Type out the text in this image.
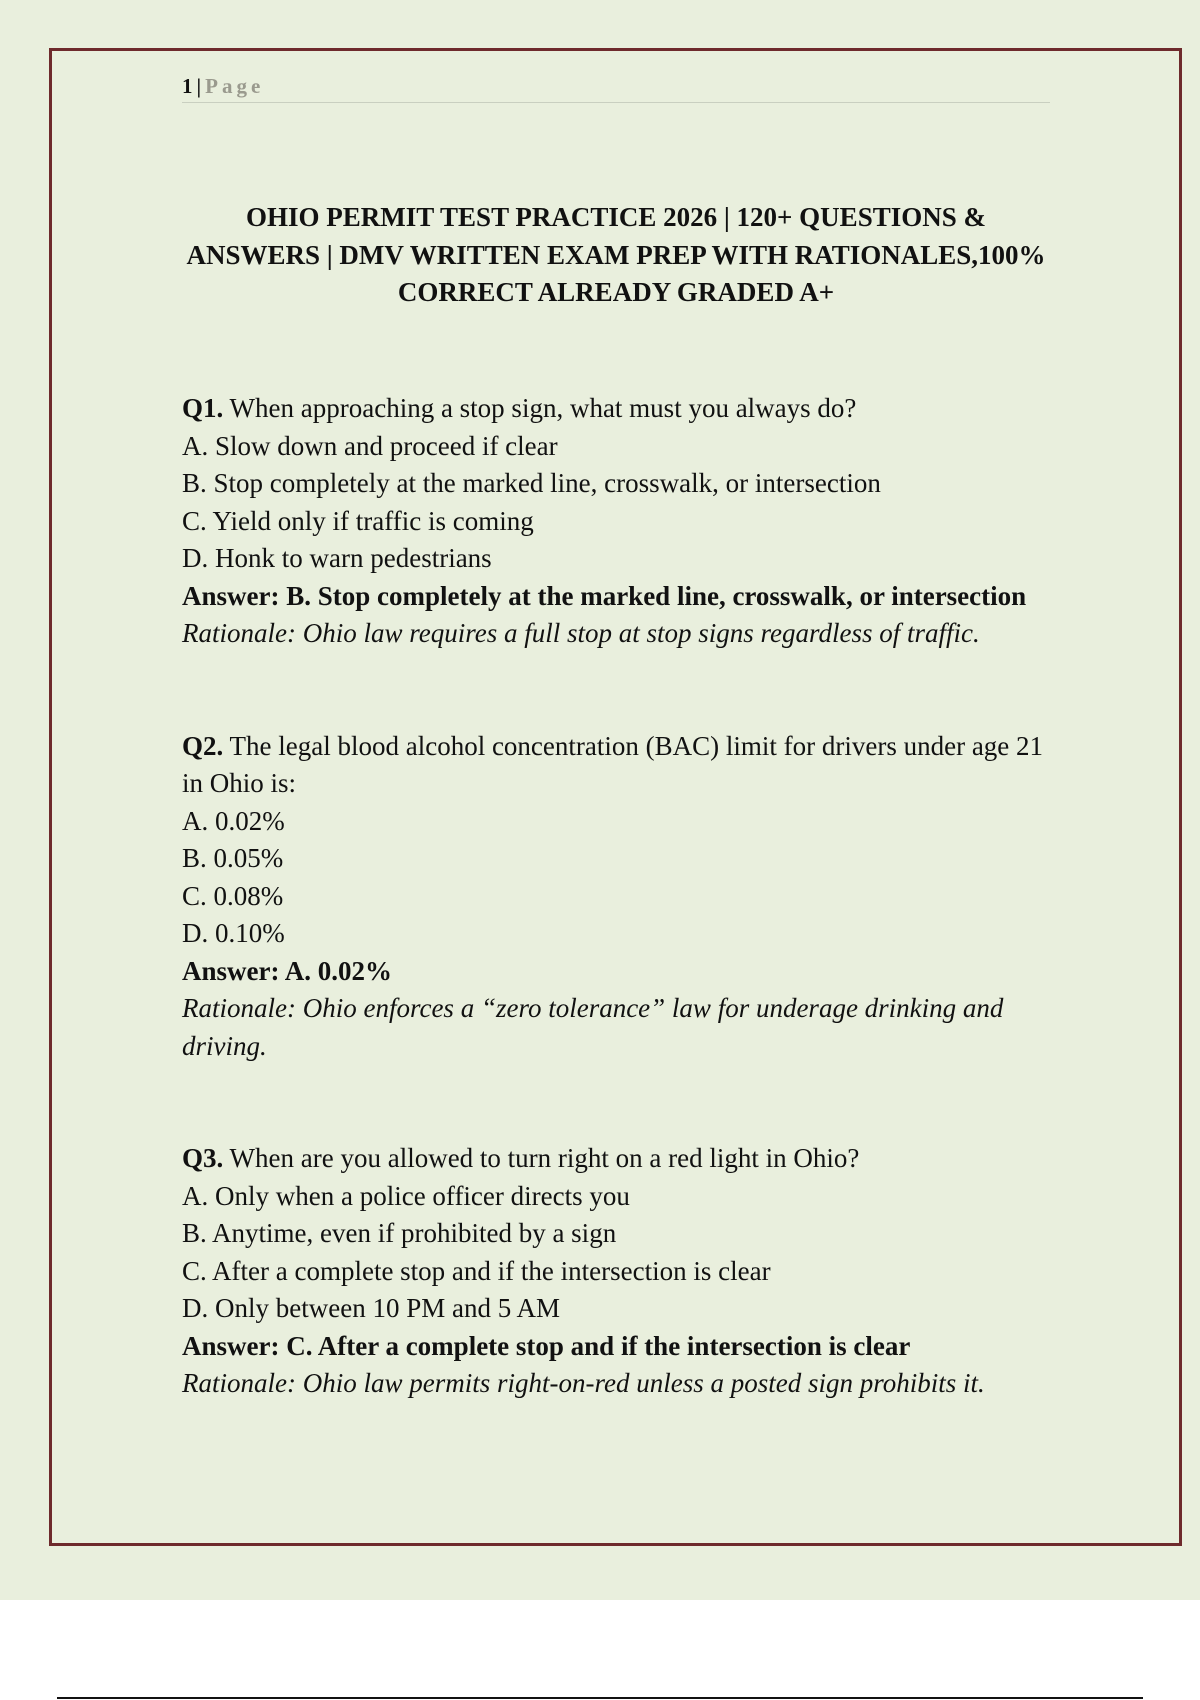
1 | Page
OHIO PERMIT TEST PRACTICE 2026 | 120+ QUESTIONS & ANSWERS | DMV WRITTEN EXAM PREP WITH RATIONALES,100% CORRECT ALREADY GRADED A+

Q1. When approaching a stop sign, what must you always do?

A. Slow down and proceed if clear

B. Stop completely at the marked line, crosswalk, or intersection

C. Yield only if traffic is coming

D. Honk to warn pedestrians

Answer: B. Stop completely at the marked line, crosswalk, or intersection

Rationale: Ohio law requires a full stop at stop signs regardless of traffic.

Q2. The legal blood alcohol concentration (BAC) limit for drivers under age 21 in Ohio is:

A. 0.02%

B. 0.05%

C. 0.08%

D. 0.10%

Answer: A. 0.02%

Rationale: Ohio enforces a “zero tolerance” law for underage drinking and driving.

Q3. When are you allowed to turn right on a red light in Ohio?

A. Only when a police officer directs you

B. Anytime, even if prohibited by a sign

C. After a complete stop and if the intersection is clear

D. Only between 10 PM and 5 AM

Answer: C. After a complete stop and if the intersection is clear

Rationale: Ohio law permits right-on-red unless a posted sign prohibits it.
